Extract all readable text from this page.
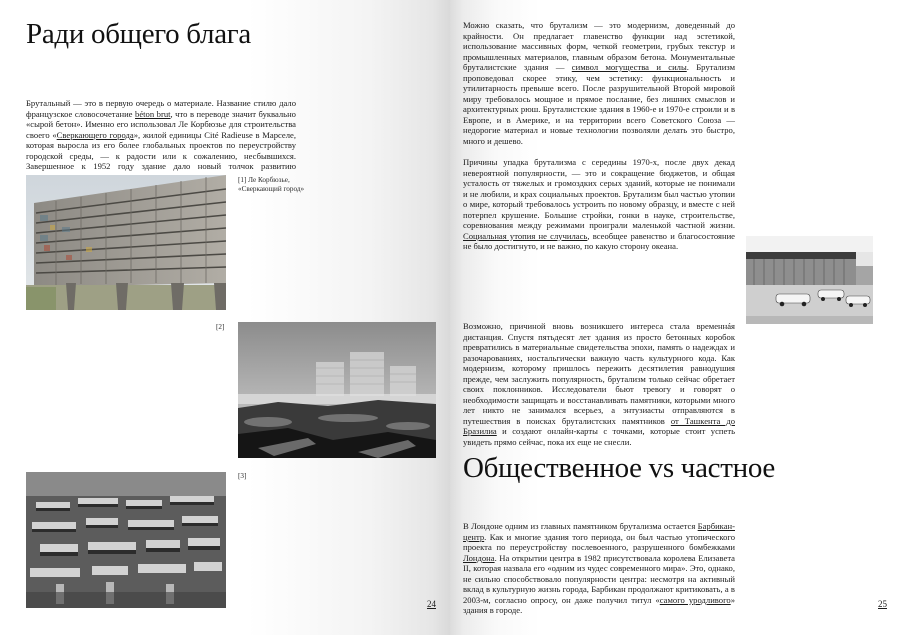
Ради общего блага

Брутальный — это в первую очередь о материале. Название стилю дало французское словосочетание béton brut, что в переводе значит буквально «сырой бетон». Именно его использовал Ле Корбюзье для строительства своего «Сверкающего города», жилой единицы Cité Radieuse в Марселе, которая выросла из его более глобальных проектов по переустройству городской среды, — к радости или к сожалению, несбывшихся. Завершенное к 1952 году здание дало новый толчок развитию

[1] Ле Корбюзье, «Сверкающий город»
[2]
[3]
24

Можно сказать, что брутализм — это модернизм, доведенный до крайности. Он предлагает главенство функции над эстетикой, использование массивных форм, четкой геометрии, грубых текстур и промышленных материалов, главным образом бетона. Монументальные бруталистские здания — символ могущества и силы. Брутализм проповедовал скорее этику, чем эстетику: функциональность и утилитарность превыше всего. После разрушительной Второй мировой миру требовалось мощное и прямое послание, без лишних смыслов и архитектурных рюш. Бруталистские здания в 1960-е и 1970-е строили и в Европе, и в Америке, и на территории всего Советского Союза — недорогие материал и новые технологии позволяли делать это быстро, много и дешево.

Причины упадка брутализма с середины 1970-х, после двух декад невероятной популярности, — это и сокращение бюджетов, и общая усталость от тяжелых и громоздких серых зданий, которые не понимали и не любили, и крах социальных проектов. Брутализм был частью утопии о мире, который требовалось устроить по новому образцу, и вместе с ней потерпел крушение. Большие стройки, гонки в науке, строительстве, соревнования между режимами проиграли маленькой частной жизни. Социальная утопия не случилась, всеобщее равенство и благосостояние не было достигнуто, и не важно, по какую сторону океана.

Возможно, причиной вновь возникшего интереса стала временнáя дистанция. Спустя пятьдесят лет здания из просто бетонных коробок превратились в материальные свидетельства эпохи, память о надеждах и разочарованиях, ностальгически важную часть культурного кода. Как модернизм, которому пришлось пережить десятилетия равнодушия прежде, чем заслужить популярность, брутализм только сейчас обретает своих поклонников. Исследователи бьют тревогу и говорят о необходимости защищать и восстанавливать памятники, которыми много лет никто не занимался всерьез, а энтузиасты отправляются в путешествия в поисках бруталистских памятников от Ташкента до Бразилиа и создают онлайн-карты с точками, которые стоит успеть увидеть прямо сейчас, пока их еще не снесли.

Общественное vs частное

В Лондоне одним из главных памятником брутализма остается Барбикан-центр. Как и многие здания того периода, он был частью утопического проекта по переустройству послевоенного, разрушенного бомбежками Лондона. На открытии центра в 1982 присутствовала королева Елизавета II, которая назвала его «одним из чудес современного мира». Это, однако, не сильно способствовало популярности центра: несмотря на активный вклад в культурную жизнь города, Барбикан продолжают критиковать, а в 2003-м, согласно опросу, он даже получил титул «самого уродливого» здания в городе.

25
